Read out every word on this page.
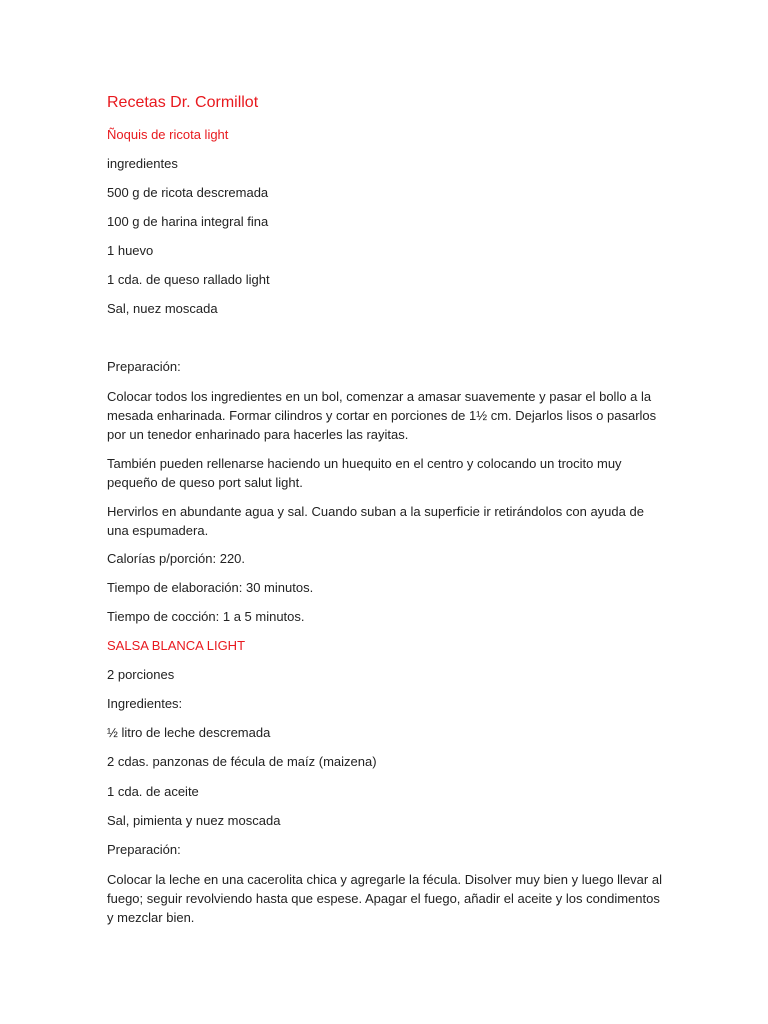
Recetas Dr. Cormillot
Ñoquis de ricota light
ingredientes
500 g de ricota descremada
100 g de harina integral fina
1 huevo
1 cda. de queso rallado light
Sal, nuez moscada
Preparación:
Colocar todos los ingredientes en un bol, comenzar a amasar suavemente y pasar el bollo a la mesada enharinada. Formar cilindros y cortar en porciones de 1½ cm. Dejarlos lisos o pasarlos por un tenedor enharinado para hacerles las rayitas.
También pueden rellenarse haciendo un huequito en el centro y colocando un trocito muy pequeño de queso port salut light.
Hervirlos en abundante agua y sal. Cuando suban a la superficie ir retirándolos con ayuda de una espumadera.
Calorías p/porción: 220.
Tiempo de elaboración: 30 minutos.
Tiempo de cocción: 1 a 5 minutos.
SALSA BLANCA LIGHT
2 porciones
Ingredientes:
½ litro de leche descremada
2 cdas. panzonas de fécula de maíz (maizena)
1 cda. de aceite
Sal, pimienta y nuez moscada
Preparación:
Colocar la leche en una cacerolita chica y agregarle la fécula. Disolver muy bien y luego llevar al fuego; seguir revolviendo hasta que espese. Apagar el fuego, añadir el aceite y los condimentos y mezclar bien.
